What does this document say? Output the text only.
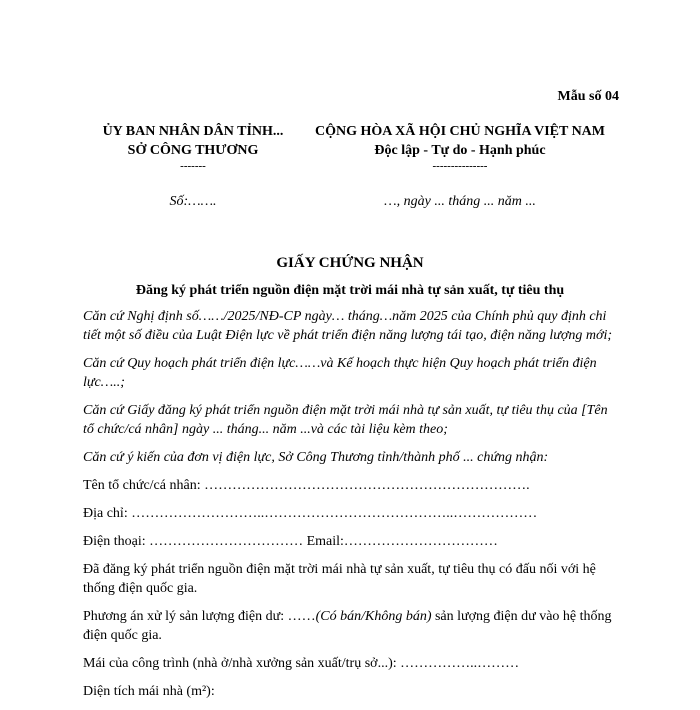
Mẫu số 04
ỦY BAN NHÂN DÂN TỈNH...
SỞ CÔNG THƯƠNG
-------
CỘNG HÒA XÃ HỘI CHỦ NGHĨA VIỆT NAM
Độc lập - Tự do - Hạnh phúc
---------------
Số:…….	…, ngày ... tháng ... năm ...
GIẤY CHỨNG NHẬN
Đăng ký phát triển nguồn điện mặt trời mái nhà tự sản xuất, tự tiêu thụ

Căn cứ Nghị định số……/2025/NĐ-CP ngày… tháng…năm 2025 của Chính phủ quy định chi tiết một số điều của Luật Điện lực về phát triển điện năng lượng tái tạo, điện năng lượng mới;

Căn cứ Quy hoạch phát triển điện lực……và Kế hoạch thực hiện Quy hoạch phát triển điện lực…..;

Căn cứ Giấy đăng ký phát triển nguồn điện mặt trời mái nhà tự sản xuất, tự tiêu thụ của [Tên tổ chức/cá nhân] ngày ... tháng... năm ...và các tài liệu kèm theo;

Căn cứ ý kiến của đơn vị điện lực, Sở Công Thương tỉnh/thành phố ... chứng nhận:

Tên tổ chức/cá nhân: …………………………………………………………….

Địa chỉ: ………………………..…………………………………..………………

Điện thoại: …………………………… Email:……………………………

Đã đăng ký phát triển nguồn điện mặt trời mái nhà tự sản xuất, tự tiêu thụ có đấu nối với hệ thống điện quốc gia.

Phương án xử lý sản lượng điện dư: ……(Có bán/Không bán) sản lượng điện dư vào hệ thống điện quốc gia.

Mái của công trình (nhà ở/nhà xưởng sản xuất/trụ sở...): ……………..………

Diện tích mái nhà (m²):
